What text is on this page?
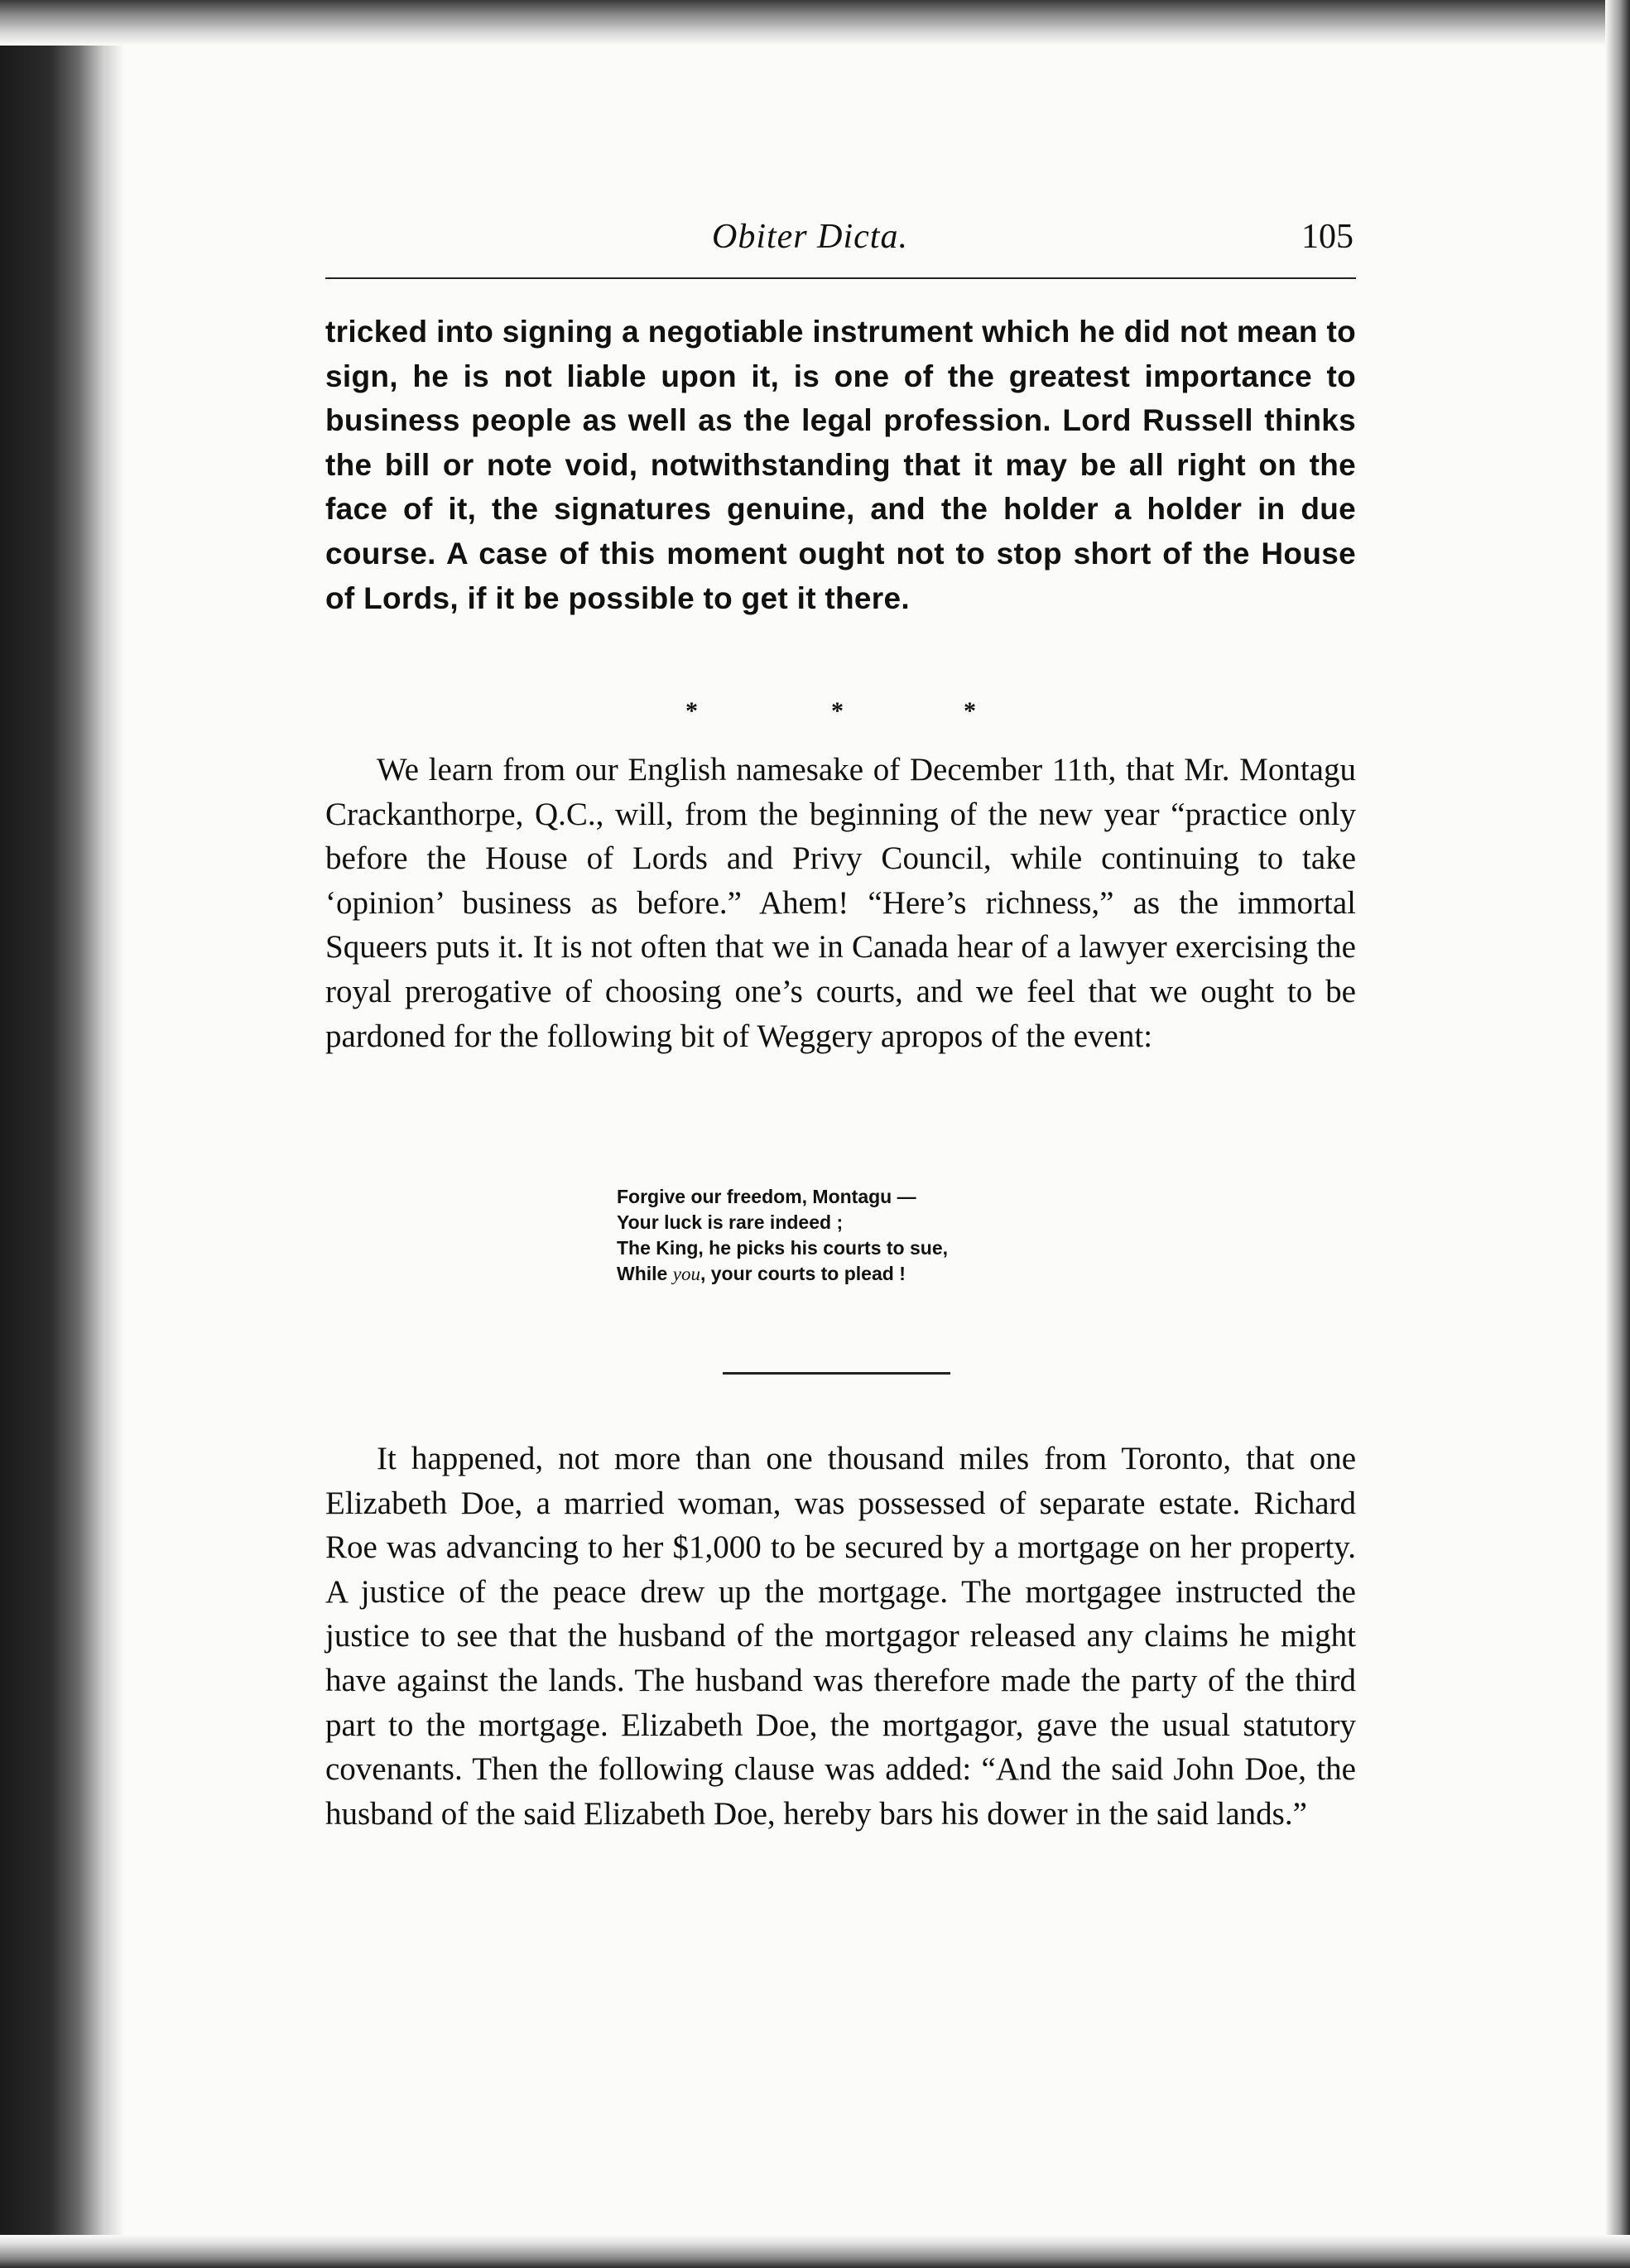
Obiter Dicta.	105

tricked into signing a negotiable instrument which he did not mean to sign, he is not liable upon it, is one of the greatest importance to business people as well as the legal profession. Lord Russell thinks the bill or note void, notwithstanding that it may be all right on the face of it, the signatures genuine, and the holder a holder in due course. A case of this moment ought not to stop short of the House of Lords, if it be possible to get it there.

*	*	*

We learn from our English namesake of December 11th, that Mr. Montagu Crackanthorpe, Q.C., will, from the beginning of the new year “practice only before the House of Lords and Privy Council, while continuing to take ‘opinion’ business as before.” Ahem! “Here’s richness,” as the immortal Squeers puts it. It is not often that we in Canada hear of a lawyer exercising the royal prerogative of choosing one’s courts, and we feel that we ought to be pardoned for the following bit of Weggery apropos of the event:

Forgive our freedom, Montagu —
Your luck is rare indeed ;
The King, he picks his courts to sue,
While you, your courts to plead !

It happened, not more than one thousand miles from Toronto, that one Elizabeth Doe, a married woman, was possessed of separate estate. Richard Roe was advancing to her $1,000 to be secured by a mortgage on her property. A justice of the peace drew up the mortgage. The mortgagee instructed the justice to see that the husband of the mortgagor released any claims he might have against the lands. The husband was therefore made the party of the third part to the mortgage. Elizabeth Doe, the mortgagor, gave the usual statutory covenants. Then the following clause was added: “And the said John Doe, the husband of the said Elizabeth Doe, hereby bars his dower in the said lands.”
